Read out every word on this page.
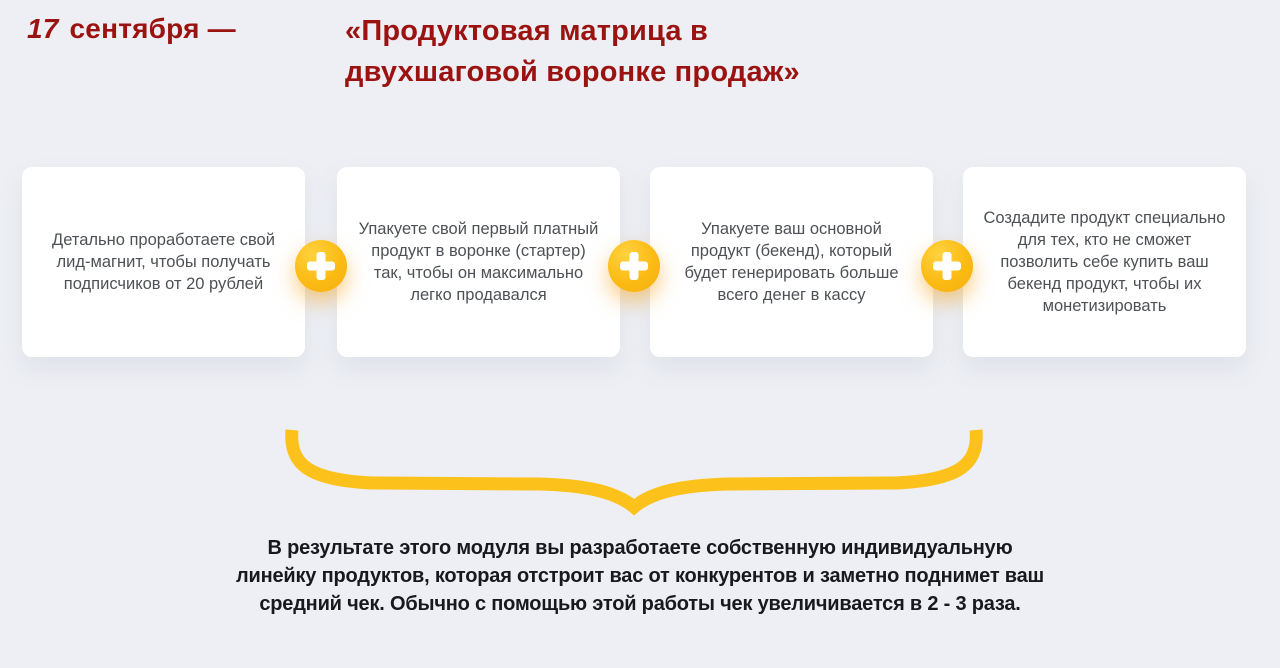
17 сентября —	«Продуктовая матрица в двухшаговой воронке продаж»

Детально проработаете свой лид-магнит, чтобы получать подписчиков от 20 рублей

Упакуете свой первый платный продукт в воронке (стартер) так, чтобы он максимально легко продавался

Упакуете ваш основной продукт (бекенд), который будет генерировать больше всего денег в кассу

Создадите продукт специально для тех, кто не сможет позволить себе купить ваш бекенд продукт, чтобы их монетизировать

В результате этого модуля вы разработаете собственную индивидуальную линейку продуктов, которая отстроит вас от конкурентов и заметно поднимет ваш средний чек. Обычно с помощью этой работы чек увеличивается в 2 - 3 раза.
